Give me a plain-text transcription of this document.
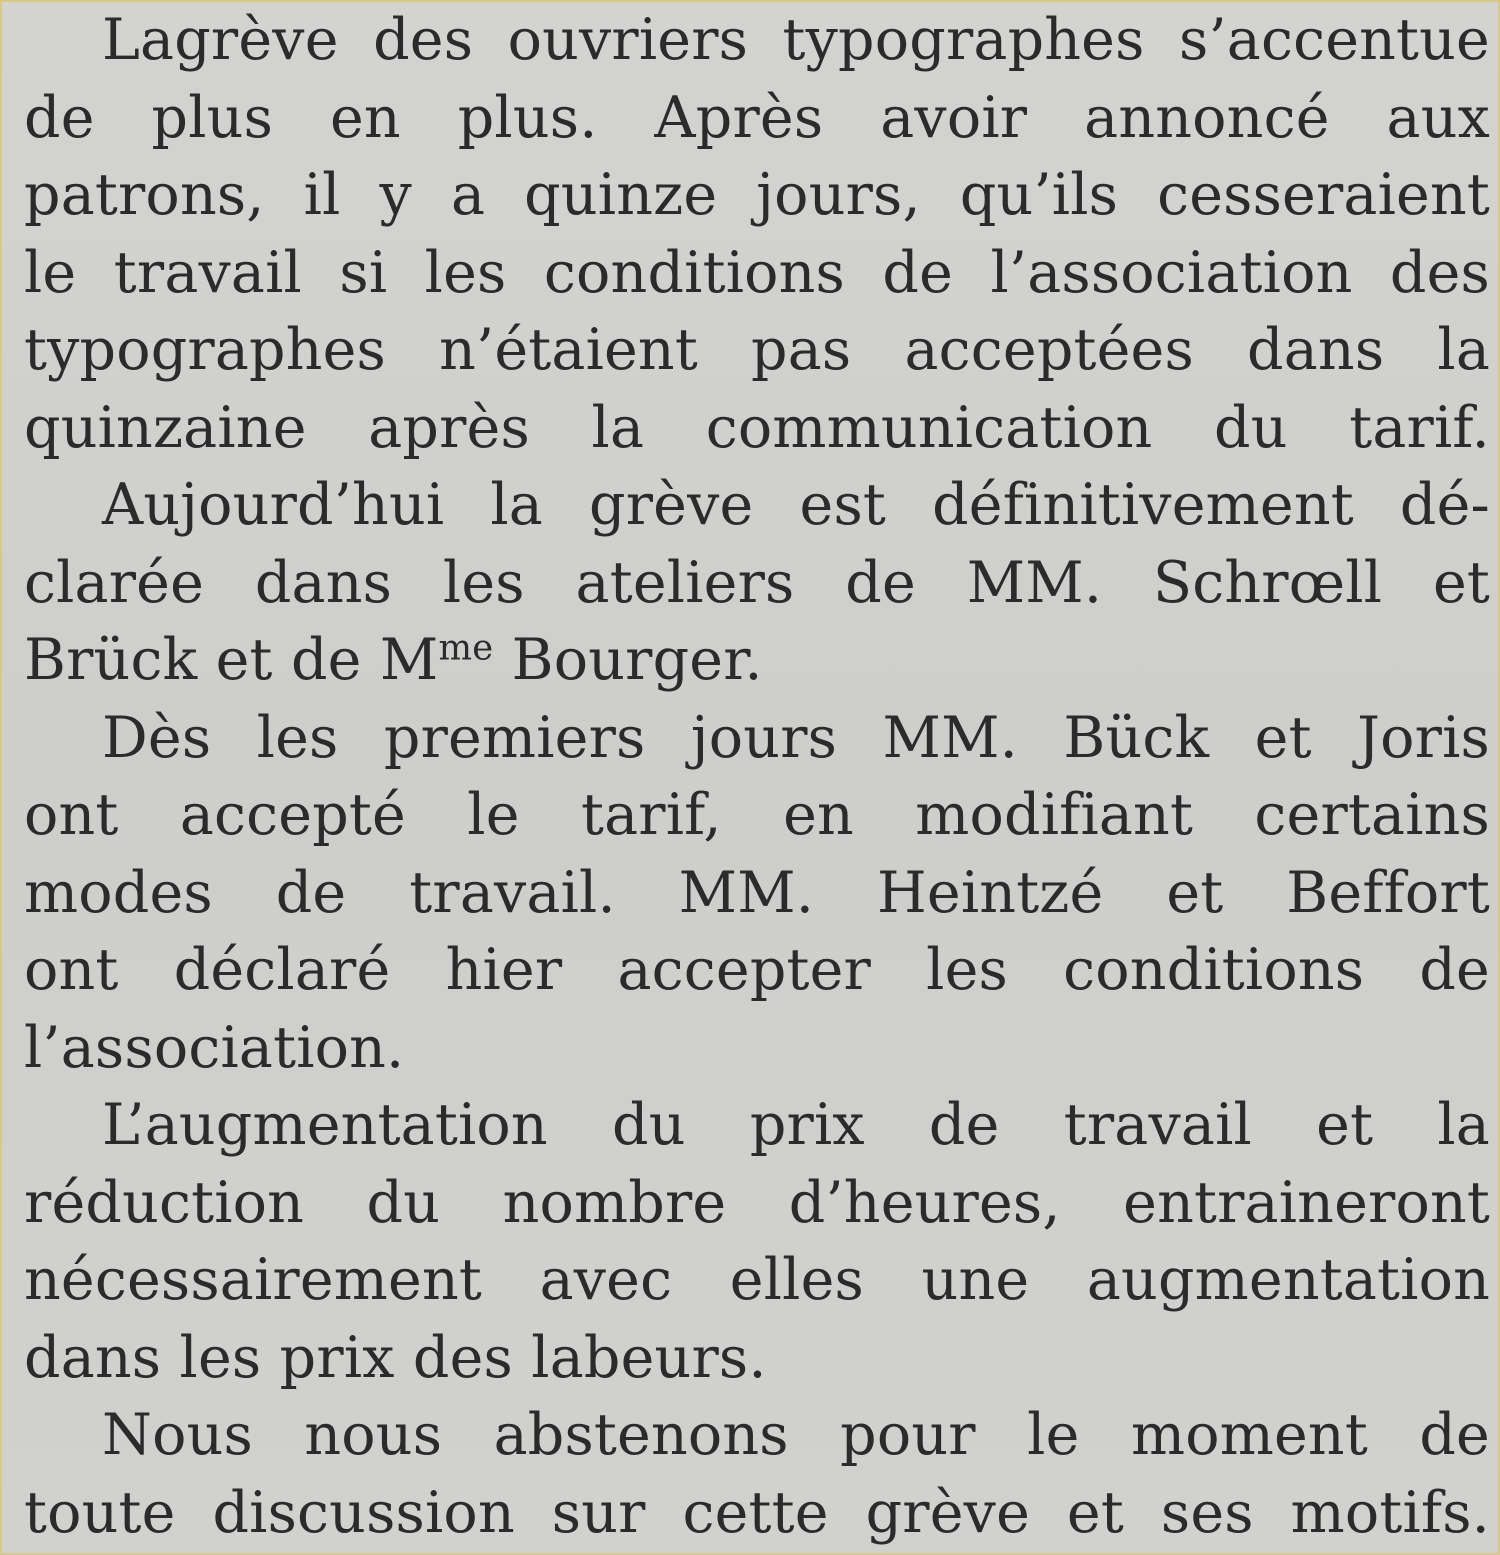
Lagrève des ouvriers typographes s’accentue
de plus en plus. Après avoir annoncé aux
patrons, il y a quinze jours, qu’ils cesseraient
le travail si les conditions de l’association des
typographes n’étaient pas acceptées dans la
quinzaine après la communication du tarif.
Aujourd’hui la grève est définitivement dé-
clarée dans les ateliers de MM. Schrœll et
Brück et de $M^{me}$ Bourger.
Dès les premiers jours MM. Bück et Joris
ont accepté le tarif, en modifiant certains
modes de travail. MM. Heintzé et Beffort
ont déclaré hier accepter les conditions de
l’association.
L’augmentation du prix de travail et la
réduction du nombre d’heures, entraineront
nécessairement avec elles une augmentation
dans les prix des labeurs.
Nous nous abstenons pour le moment de
toute discussion sur cette grève et ses motifs.
